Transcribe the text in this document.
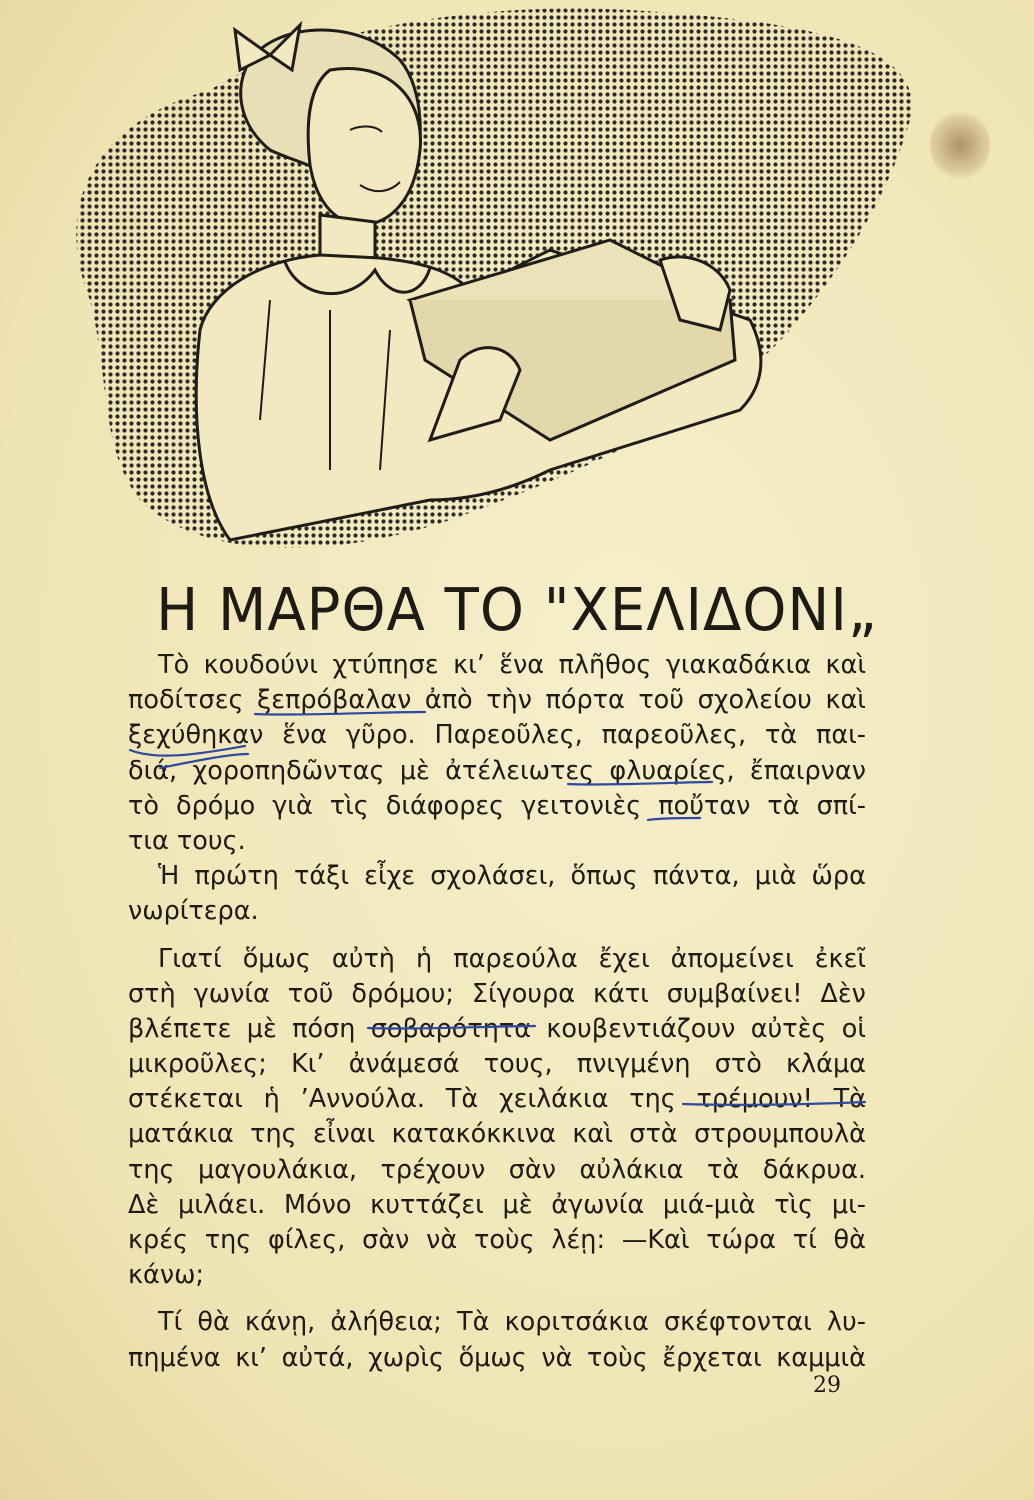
Η ΜΑΡΘΑ ΤΟ "ΧΕΛΙΔΟΝΙ„
Τὸ κουδούνι χτύπησε κι’ ἕνα πλῆθος γιακαδάκια καὶ
ποδίτσες ξεπρόβαλαν ἀπὸ τὴν πόρτα τοῦ σχολείου καὶ
ξεχύθηκαν ἕνα γῦρο. Παρεοῦλες, παρεοῦλες, τὰ παι-
διά, χοροπηδῶντας μὲ ἀτέλειωτες φλυαρίες, ἔπαιρναν
τὸ δρόμο γιὰ τὶς διάφορες γειτονιὲς ποὔταν τὰ σπί-
τια τους.
Ἡ πρώτη τάξι εἶχε σχολάσει, ὅπως πάντα, μιὰ ὥρα
νωρίτερα.
Γιατί ὅμως αὐτὴ ἡ παρεούλα ἔχει ἀπομείνει ἐκεῖ
στὴ γωνία τοῦ δρόμου; Σίγουρα κάτι συμβαίνει! Δὲν
βλέπετε μὲ πόση σοβαρότητα κουβεντιάζουν αὐτὲς οἱ
μικροῦλες; Κι’ ἀνάμεσά τους, πνιγμένη στὸ κλάμα
στέκεται ἡ ’Αννούλα. Τὰ χειλάκια της τρέμουν! Τὰ
ματάκια της εἶναι κατακόκκινα καὶ στὰ στρουμπουλὰ
της μαγουλάκια, τρέχουν σὰν αὐλάκια τὰ δάκρυα.
Δὲ μιλάει. Μόνο κυττάζει μὲ ἀγωνία μιά-μιὰ τὶς μι-
κρές της φίλες, σὰν νὰ τοὺς λέῃ: —Καὶ τώρα τί θὰ
κάνω;
Τί θὰ κάνῃ, ἀλήθεια; Τὰ κοριτσάκια σκέφτονται λυ-
πημένα κι’ αὐτά, χωρὶς ὅμως νὰ τοὺς ἔρχεται καμμιὰ
29
